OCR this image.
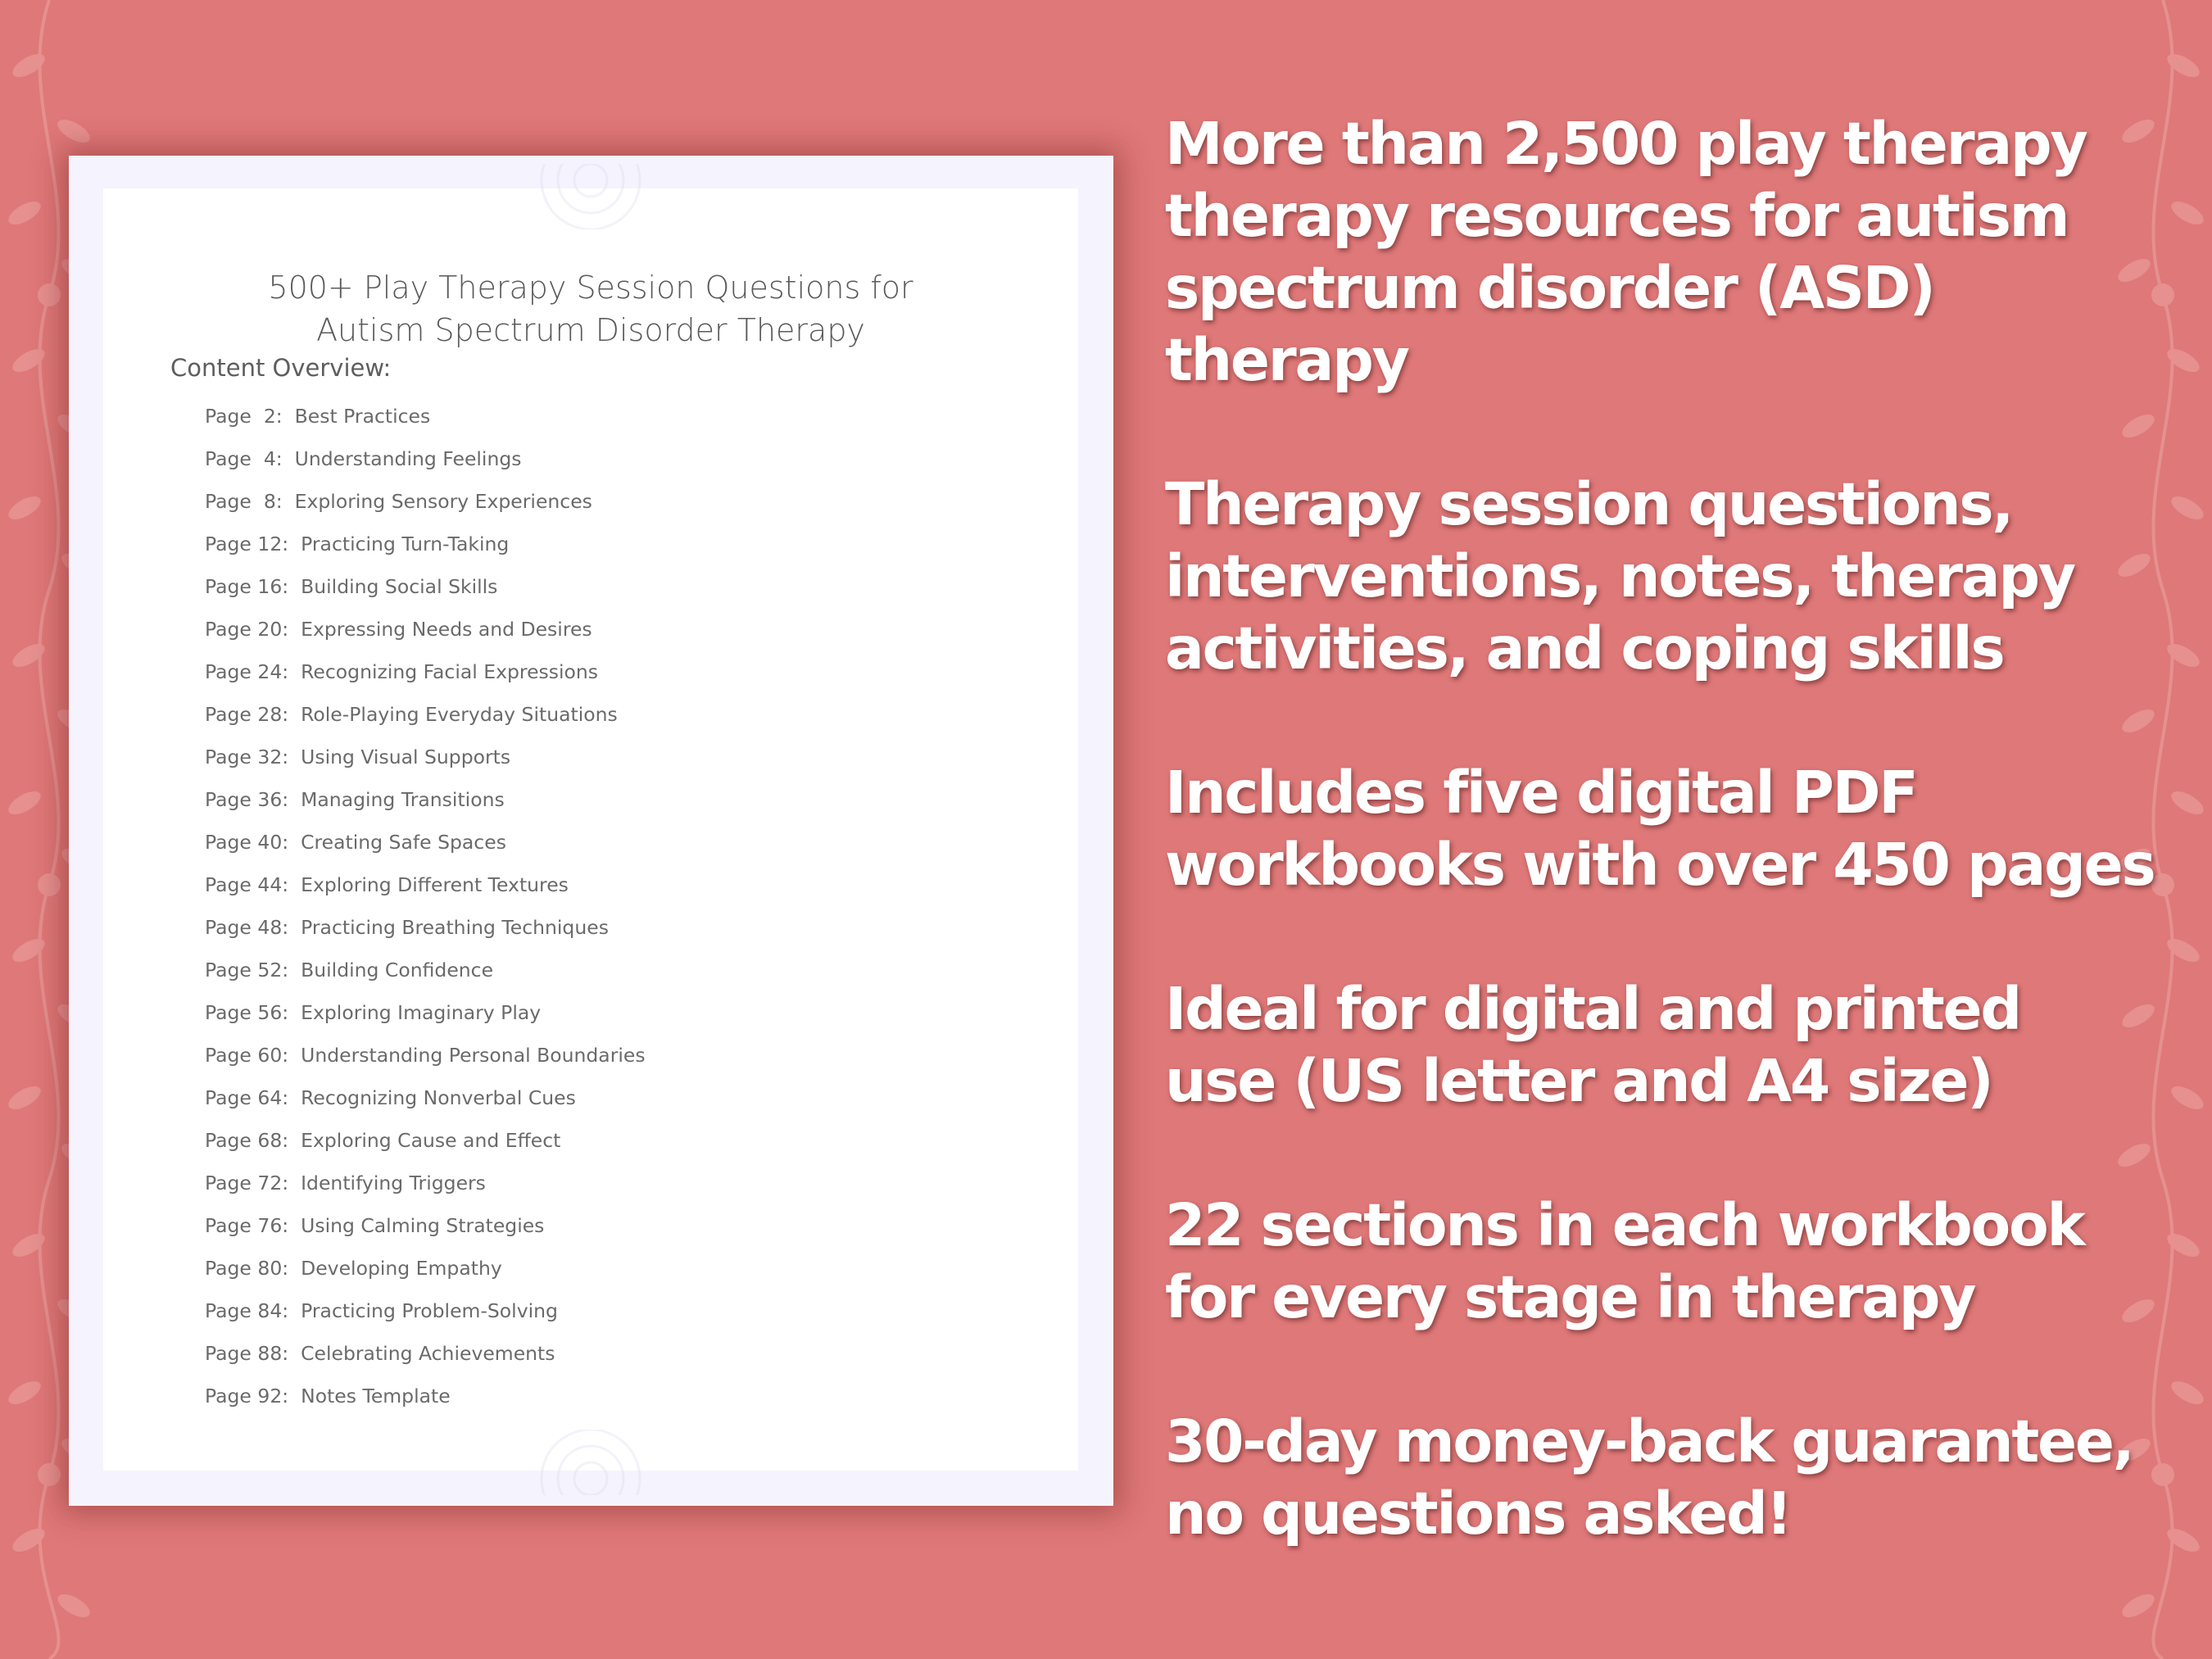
500+ Play Therapy Session Questions for
Autism Spectrum Disorder Therapy
Content Overview:
Page  2:  Best Practices
Page  4:  Understanding Feelings
Page  8:  Exploring Sensory Experiences
Page 12:  Practicing Turn-Taking
Page 16:  Building Social Skills
Page 20:  Expressing Needs and Desires
Page 24:  Recognizing Facial Expressions
Page 28:  Role-Playing Everyday Situations
Page 32:  Using Visual Supports
Page 36:  Managing Transitions
Page 40:  Creating Safe Spaces
Page 44:  Exploring Different Textures
Page 48:  Practicing Breathing Techniques
Page 52:  Building Confidence
Page 56:  Exploring Imaginary Play
Page 60:  Understanding Personal Boundaries
Page 64:  Recognizing Nonverbal Cues
Page 68:  Exploring Cause and Effect
Page 72:  Identifying Triggers
Page 76:  Using Calming Strategies
Page 80:  Developing Empathy
Page 84:  Practicing Problem-Solving
Page 88:  Celebrating Achievements
Page 92:  Notes Template
More than 2,500 play therapy
therapy resources for autism
spectrum disorder (ASD)
therapy
Therapy session questions,
interventions, notes, therapy
activities, and coping skills
Includes five digital PDF
workbooks with over 450 pages
Ideal for digital and printed
use (US letter and A4 size)
22 sections in each workbook
for every stage in therapy
30-day money-back guarantee,
no questions asked!
